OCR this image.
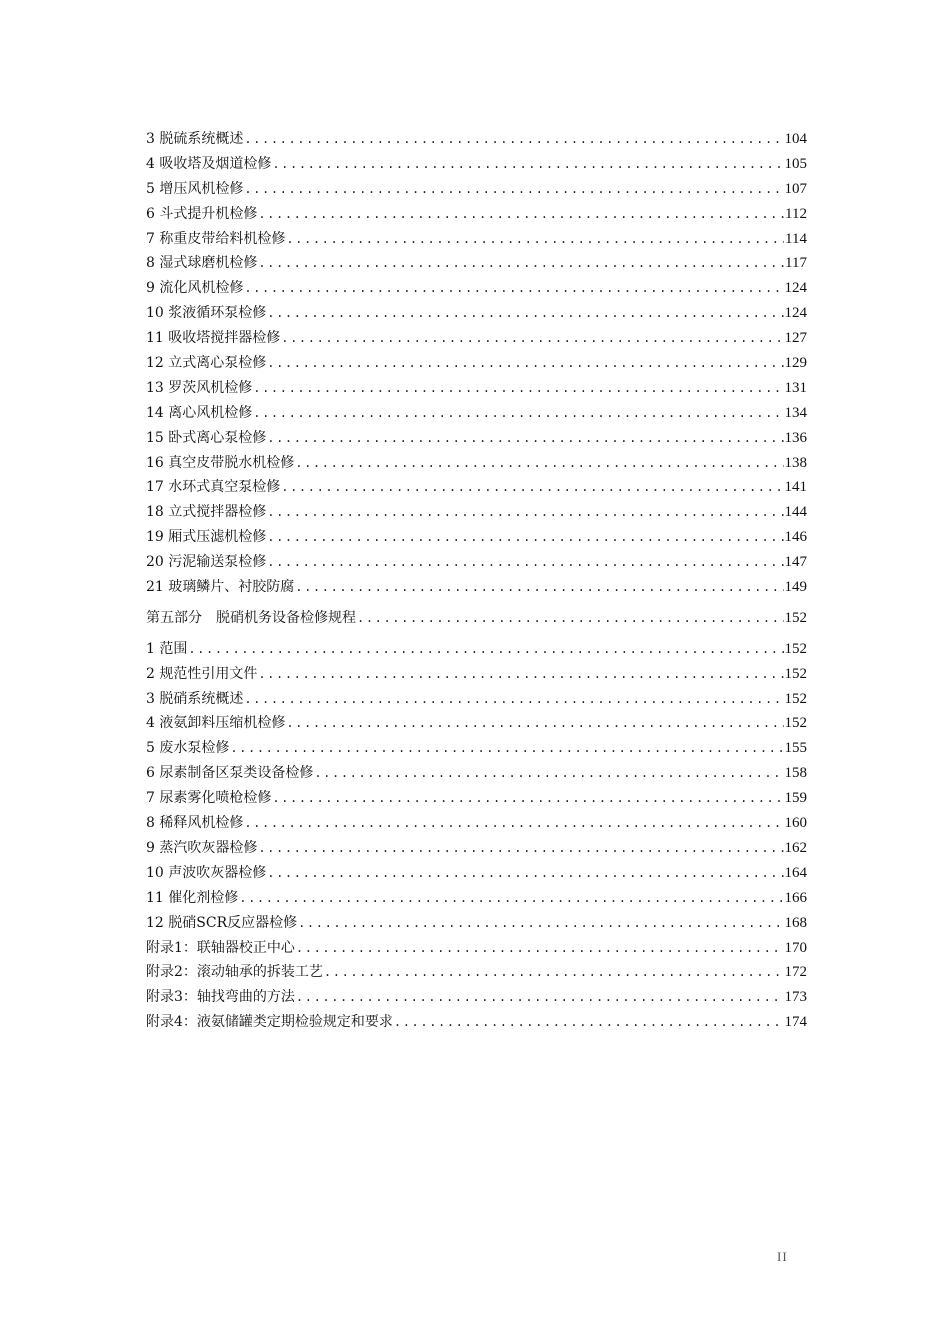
3 脱硫系统概述 .....	104
4 吸收塔及烟道检修 .....	105
5 增压风机检修 .....	107
6 斗式提升机检修 .....	112
7 称重皮带给料机检修 .....	114
8 湿式球磨机检修 .....	117
9 流化风机检修 .....	124
10 浆液循环泵检修 .....	124
11 吸收塔搅拌器检修 .....	127
12 立式离心泵检修 .....	129
13 罗茨风机检修 .....	131
14 离心风机检修 .....	134
15 卧式离心泵检修 .....	136
16 真空皮带脱水机检修 .....	138
17 水环式真空泵检修 .....	141
18 立式搅拌器检修 .....	144
19 厢式压滤机检修 .....	146
20 污泥输送泵检修 .....	147
21 玻璃鳞片、衬胶防腐 .....	149
第五部分　脱硝机务设备检修规程 .....	152
1 范围 .....	152
2 规范性引用文件 .....	152
3 脱硝系统概述 .....	152
4 液氨卸料压缩机检修 .....	152
5 废水泵检修 .....	155
6 尿素制备区泵类设备检修 .....	158
7 尿素雾化喷枪检修 .....	159
8 稀释风机检修 .....	160
9 蒸汽吹灰器检修 .....	162
10 声波吹灰器检修 .....	164
11 催化剂检修 .....	166
12 脱硝SCR反应器检修 .....	168
附录1：联轴器校正中心 .....	170
附录2：滚动轴承的拆装工艺 .....	172
附录3：轴找弯曲的方法 .....	173
附录4：液氨储罐类定期检验规定和要求 .....	174
II
